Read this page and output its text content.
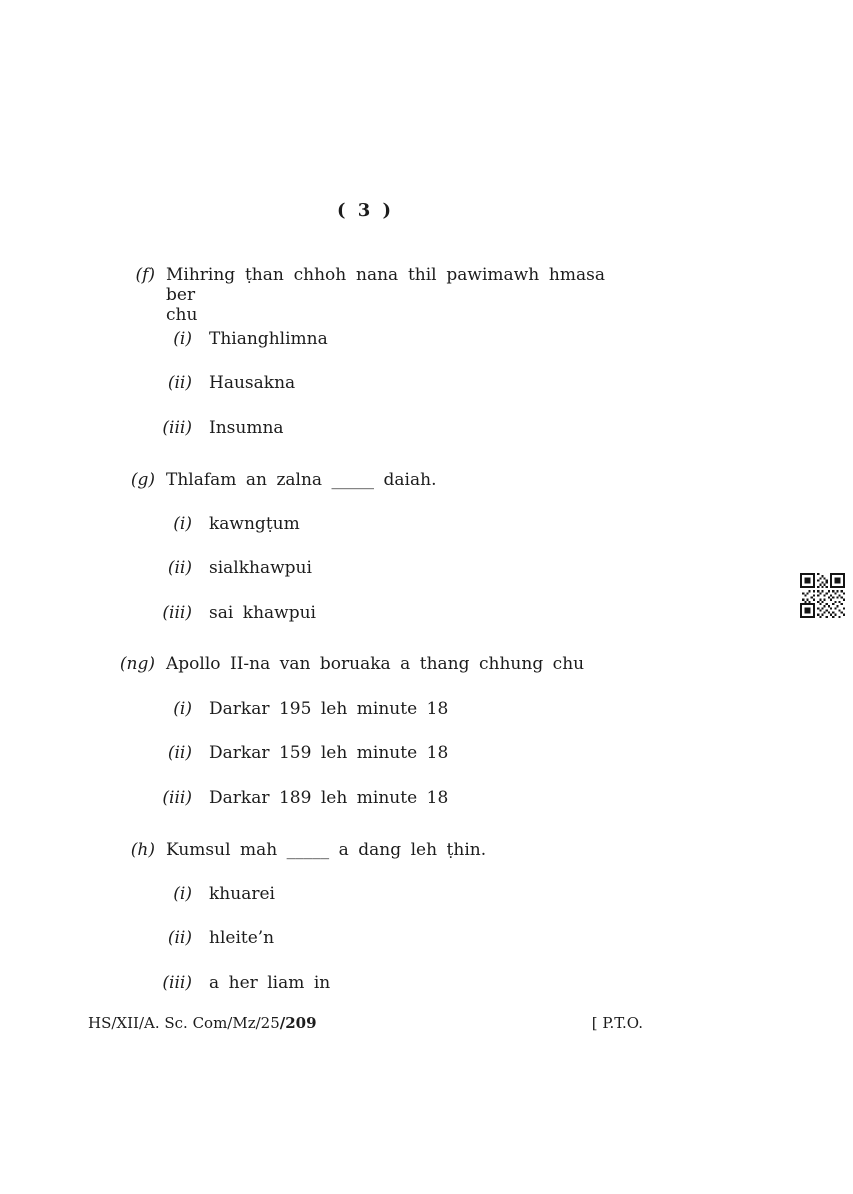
( 3 )
(f) Mihring ṭhan chhoh nana thil pawimawh hmasa ber
chu
(i) Thianghlimna
(ii) Hausakna
(iii) Insumna
(g) Thlafam an zalna _____ daiah.
(i) kawngṭum
(ii) sialkhawpui
(iii) sai khawpui
(ng) Apollo II-na van boruaka a thang chhung chu
(i) Darkar 195 leh minute 18
(ii) Darkar 159 leh minute 18
(iii) Darkar 189 leh minute 18
(h) Kumsul mah _____ a dang leh ṭhin.
(i) khuarei
(ii) hleite’n
(iii) a her liam in
HS/XII/A. Sc. Com/Mz/25/209	[ P.T.O.
